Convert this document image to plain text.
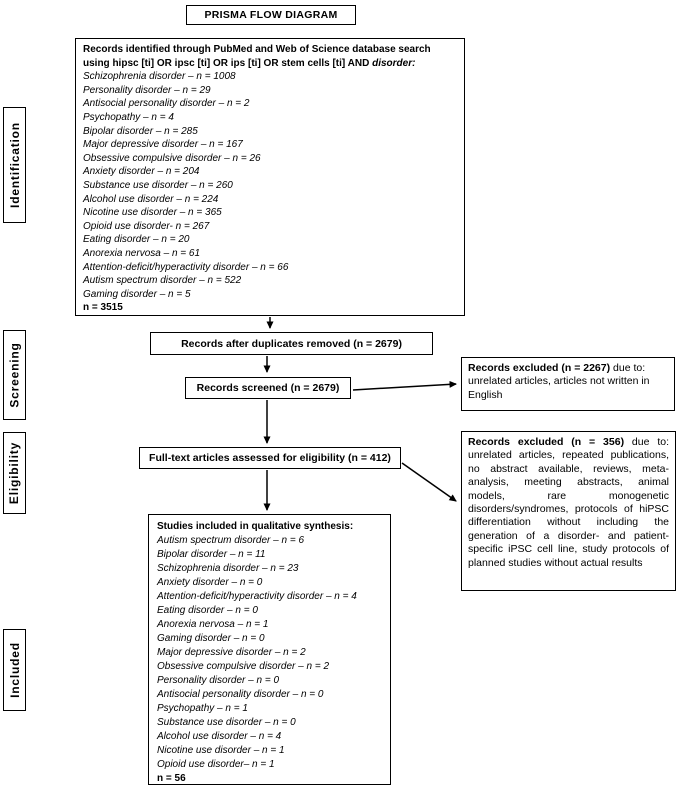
PRISMA FLOW DIAGRAM
Identification
Screening
Eligibility
Included
Records identified through PubMed and Web of Science database search using hipsc [ti] OR ipsc [ti] OR ips [ti] OR stem cells [ti] AND disorder:
Schizophrenia disorder – n = 1008
Personality disorder – n = 29
Antisocial personality disorder – n = 2
Psychopathy – n = 4
Bipolar disorder – n = 285
Major depressive disorder – n = 167
Obsessive compulsive disorder – n = 26
Anxiety disorder – n = 204
Substance use disorder – n = 260
Alcohol use disorder – n = 224
Nicotine use disorder – n = 365
Opioid use disorder- n = 267
Eating disorder – n = 20
Anorexia nervosa – n = 61
Attention-deficit/hyperactivity disorder – n = 66
Autism spectrum disorder – n = 522
Gaming disorder – n = 5
n = 3515
Records after duplicates removed (n = 2679)
Records screened (n = 2679)
Records excluded (n = 2267) due to: unrelated articles, articles not written in English
Full-text articles assessed for eligibility (n = 412)
Records excluded (n = 356) due to: unrelated articles, repeated publications, no abstract available, reviews, meta-analysis, meeting abstracts, animal models, rare monogenetic disorders/syndromes, protocols of hiPSC differentiation without including the generation of a disorder- and patient-specific iPSC cell line, study protocols of planned studies without actual results
Studies included in qualitative synthesis:
Autism spectrum disorder – n = 6
Bipolar disorder – n = 11
Schizophrenia disorder – n = 23
Anxiety disorder – n = 0
Attention-deficit/hyperactivity disorder – n = 4
Eating disorder – n = 0
Anorexia nervosa – n = 1
Gaming disorder – n = 0
Major depressive disorder – n = 2
Obsessive compulsive disorder – n = 2
Personality disorder – n = 0
Antisocial personality disorder – n = 0
Psychopathy – n = 1
Substance use disorder – n = 0
Alcohol use disorder – n = 4
Nicotine use disorder – n = 1
Opioid use disorder– n = 1
n = 56
